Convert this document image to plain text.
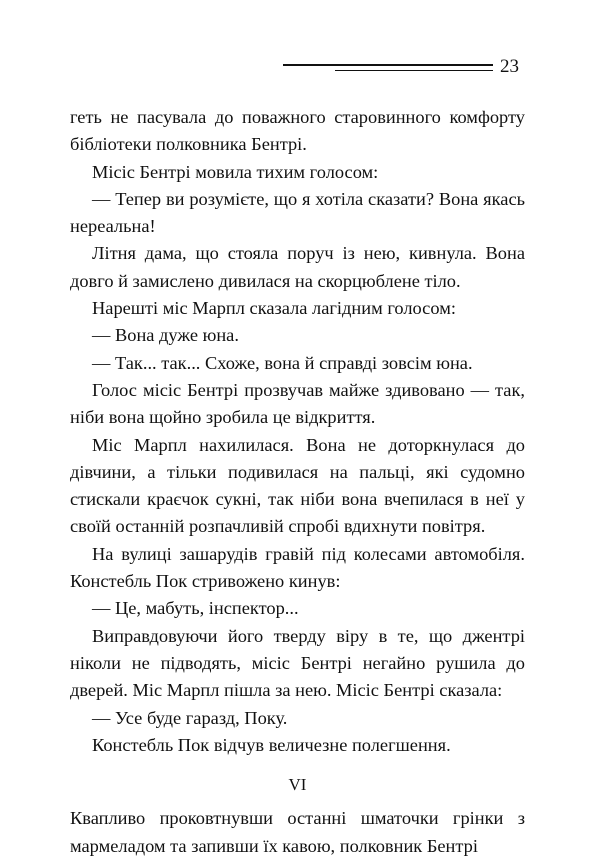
23

геть не пасувала до поважного старовинного комфорту бібліотеки полковника Бентрі.

Місіс Бентрі мовила тихим голосом:

— Тепер ви розумієте, що я хотіла сказати? Вона якась нереальна!

Літня дама, що стояла поруч із нею, кивнула. Вона довго й замислено дивилася на скорцюблене тіло.

Нарешті міс Марпл сказала лагідним голосом:

— Вона дуже юна.

— Так... так... Схоже, вона й справді зовсім юна.

Голос місіс Бентрі прозвучав майже здивовано — так, ніби вона щойно зробила це відкриття.

Міс Марпл нахилилася. Вона не доторкнулася до дівчини, а тільки подивилася на пальці, які судомно стискали краєчок сукні, так ніби вона вчепилася в неї у своїй останній розпачливій спробі вдихнути повітря.

На вулиці зашарудів гравій під колесами автомобіля. Констебль Пок стривожено кинув:

— Це, мабуть, інспектор...

Виправдовуючи його тверду віру в те, що джентрі ніколи не підводять, місіс Бентрі негайно рушила до дверей. Міс Марпл пішла за нею. Місіс Бентрі сказала:

— Усе буде гаразд, Поку.

Констебль Пок відчув величезне полегшення.

VI

Квапливо проковтнувши останні шматочки грінки з мармеладом та запивши їх кавою, полковник Бентрі
